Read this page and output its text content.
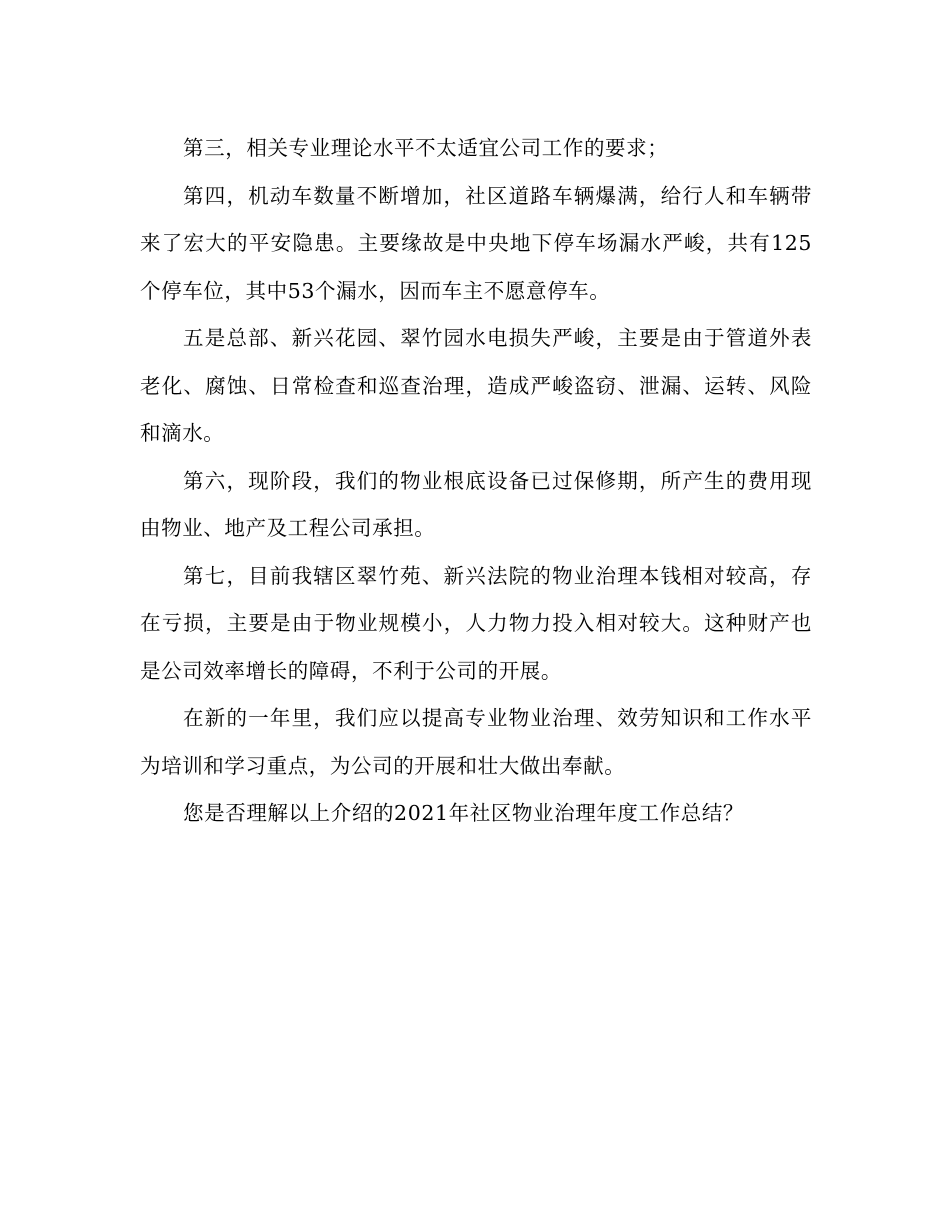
第三，相关专业理论水平不太适宜公司工作的要求；

第四，机动车数量不断增加，社区道路车辆爆满，给行人和车辆带来了宏大的平安隐患。主要缘故是中央地下停车场漏水严峻，共有125个停车位，其中53个漏水，因而车主不愿意停车。

五是总部、新兴花园、翠竹园水电损失严峻，主要是由于管道外表老化、腐蚀、日常检查和巡查治理，造成严峻盗窃、泄漏、运转、风险和滴水。

第六，现阶段，我们的物业根底设备已过保修期，所产生的费用现由物业、地产及工程公司承担。

第七，目前我辖区翠竹苑、新兴法院的物业治理本钱相对较高，存在亏损，主要是由于物业规模小，人力物力投入相对较大。这种财产也是公司效率增长的障碍，不利于公司的开展。

在新的一年里，我们应以提高专业物业治理、效劳知识和工作水平为培训和学习重点，为公司的开展和壮大做出奉献。

您是否理解以上介绍的2021年社区物业治理年度工作总结？
